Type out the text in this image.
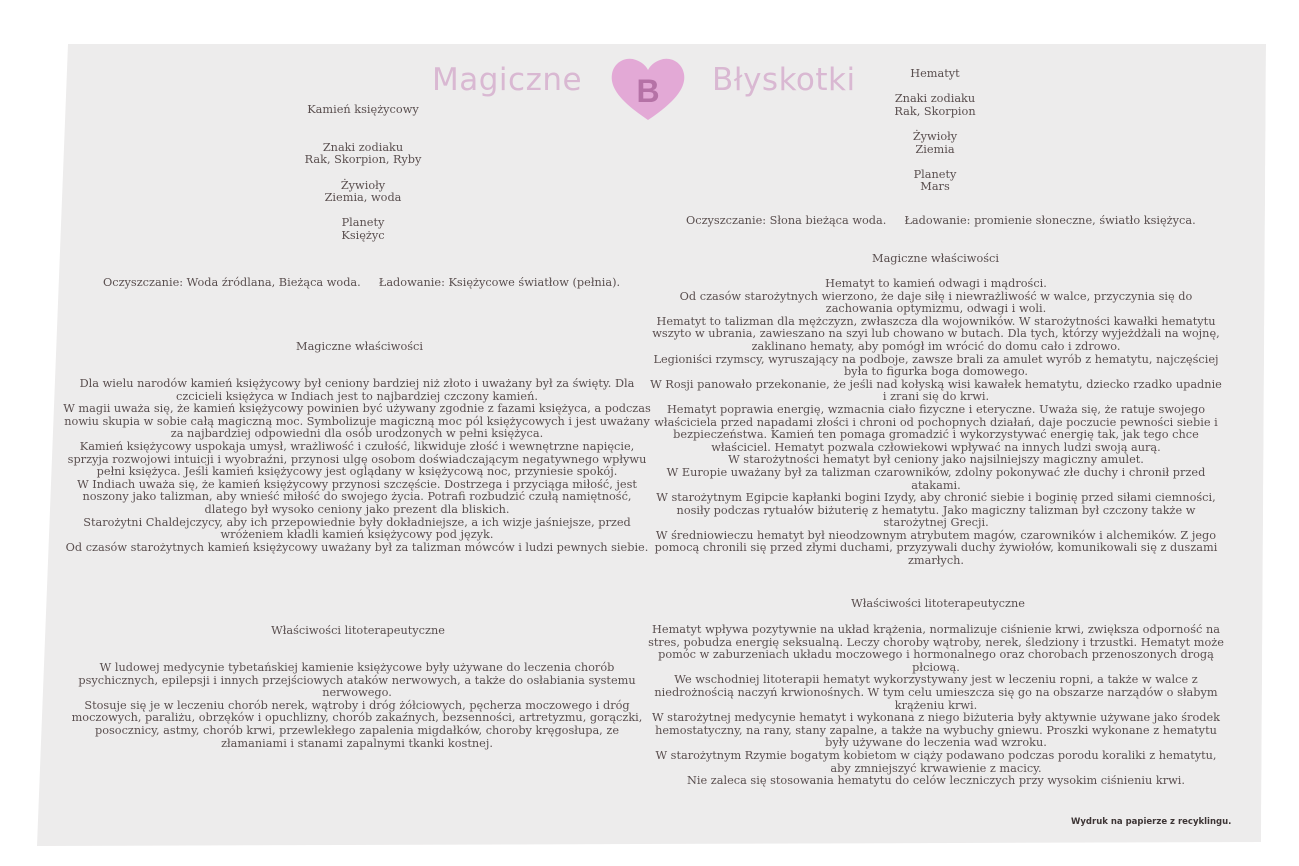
Magiczne B Błyskotki

Kamień księżycowy

Znaki zodiaku

Rak, Skorpion, Ryby

Żywioły

Ziemia, woda

Planety

Księżyc

Oczyszczanie: Woda źródlana, Bieżąca woda. Ładowanie: Księżycowe światłow (pełnia).
Magiczne właściwości

Dla wielu narodów kamień księżycowy był ceniony bardziej niż złoto i uważany był za święty. Dla

czcicieli księżyca w Indiach jest to najbardziej czczony kamień.

W magii uważa się, że kamień księżycowy powinien być używany zgodnie z fazami księżyca, a podczas

nowiu skupia w sobie całą magiczną moc. Symbolizuje magiczną moc pól księżycowych i jest uważany

za najbardziej odpowiedni dla osób urodzonych w pełni księżyca.

Kamień księżycowy uspokaja umysł, wrażliwość i czułość, likwiduje złość i wewnętrzne napięcie,

sprzyja rozwojowi intuicji i wyobraźni, przynosi ulgę osobom doświadczającym negatywnego wpływu

pełni księżyca. Jeśli kamień księżycowy jest oglądany w księżycową noc, przyniesie spokój.

W Indiach uważa się, że kamień księżycowy przynosi szczęście. Dostrzega i przyciąga miłość, jest

noszony jako talizman, aby wnieść miłość do swojego życia. Potrafi rozbudzić czułą namiętność,

dlatego był wysoko ceniony jako prezent dla bliskich.

Starożytni Chaldejczycy, aby ich przepowiednie były dokładniejsze, a ich wizje jaśniejsze, przed

wróżeniem kładli kamień księżycowy pod język.

Od czasów starożytnych kamień księżycowy uważany był za talizman mówców i ludzi pewnych siebie.

Właściwości litoterapeutyczne

W ludowej medycynie tybetańskiej kamienie księżycowe były używane do leczenia chorób

psychicznych, epilepsji i innych przejściowych ataków nerwowych, a także do osłabiania systemu

nerwowego.

Stosuje się je w leczeniu chorób nerek, wątroby i dróg żółciowych, pęcherza moczowego i dróg

moczowych, paraliżu, obrzęków i opuchlizny, chorób zakaźnych, bezsenności, artretyzmu, gorączki,

posocznicy, astmy, chorób krwi, przewlekłego zapalenia migdałków, choroby kręgosłupa, ze

złamaniami i stanami zapalnymi tkanki kostnej.

Hematyt

Znaki zodiaku

Rak, Skorpion

Żywioły

Ziemia

Planety

Mars

Oczyszczanie: Słona bieżąca woda. Ładowanie: promienie słoneczne, światło księżyca.
Magiczne właściwości

Hematyt to kamień odwagi i mądrości.

Od czasów starożytnych wierzono, że daje siłę i niewrażliwość w walce, przyczynia się do

zachowania optymizmu, odwagi i woli.

Hematyt to talizman dla mężczyzn, zwłaszcza dla wojowników. W starożytności kawałki hematytu

wszyto w ubrania, zawieszano na szyi lub chowano w butach. Dla tych, którzy wyjeżdżali na wojnę,

zaklinano hematy, aby pomógł im wrócić do domu cało i zdrowo.

Legioniści rzymscy, wyruszający na podboje, zawsze brali za amulet wyrób z hematytu, najczęściej

była to figurka boga domowego.

W Rosji panowało przekonanie, że jeśli nad kołyską wisi kawałek hematytu, dziecko rzadko upadnie

i zrani się do krwi.

Hematyt poprawia energię, wzmacnia ciało fizyczne i eteryczne. Uważa się, że ratuje swojego

właściciela przed napadami złości i chroni od pochopnych działań, daje poczucie pewności siebie i

bezpieczeństwa. Kamień ten pomaga gromadzić i wykorzystywać energię tak, jak tego chce

właściciel. Hematyt pozwala człowiekowi wpływać na innych ludzi swoją aurą.

W starożytności hematyt był ceniony jako najsilniejszy magiczny amulet.

W Europie uważany był za talizman czarowników, zdolny pokonywać złe duchy i chronił przed

atakami.

W starożytnym Egipcie kapłanki bogini Izydy, aby chronić siebie i boginię przed siłami ciemności,

nosiły podczas rytuałów biżuterię z hematytu. Jako magiczny talizman był czczony także w

starożytnej Grecji.

W średniowieczu hematyt był nieodzownym atrybutem magów, czarowników i alchemików. Z jego

pomocą chronili się przed złymi duchami, przyzywali duchy żywiołów, komunikowali się z duszami

zmarłych.

Właściwości litoterapeutyczne

Hematyt wpływa pozytywnie na układ krążenia, normalizuje ciśnienie krwi, zwiększa odporność na

stres, pobudza energię seksualną. Leczy choroby wątroby, nerek, śledziony i trzustki. Hematyt może

pomóc w zaburzeniach układu moczowego i hormonalnego oraz chorobach przenoszonych drogą

płciową.

We wschodniej litoterapii hematyt wykorzystywany jest w leczeniu ropni, a także w walce z

niedrożnością naczyń krwionośnych. W tym celu umieszcza się go na obszarze narządów o słabym

krążeniu krwi.

W starożytnej medycynie hematyt i wykonana z niego biżuteria były aktywnie używane jako środek

hemostatyczny, na rany, stany zapalne, a także na wybuchy gniewu. Proszki wykonane z hematytu

były używane do leczenia wad wzroku.

W starożytnym Rzymie bogatym kobietom w ciąży podawano podczas porodu koraliki z hematytu,

aby zmniejszyć krwawienie z macicy.

Nie zaleca się stosowania hematytu do celów leczniczych przy wysokim ciśnieniu krwi.

Wydruk na papierze z recyklingu.
